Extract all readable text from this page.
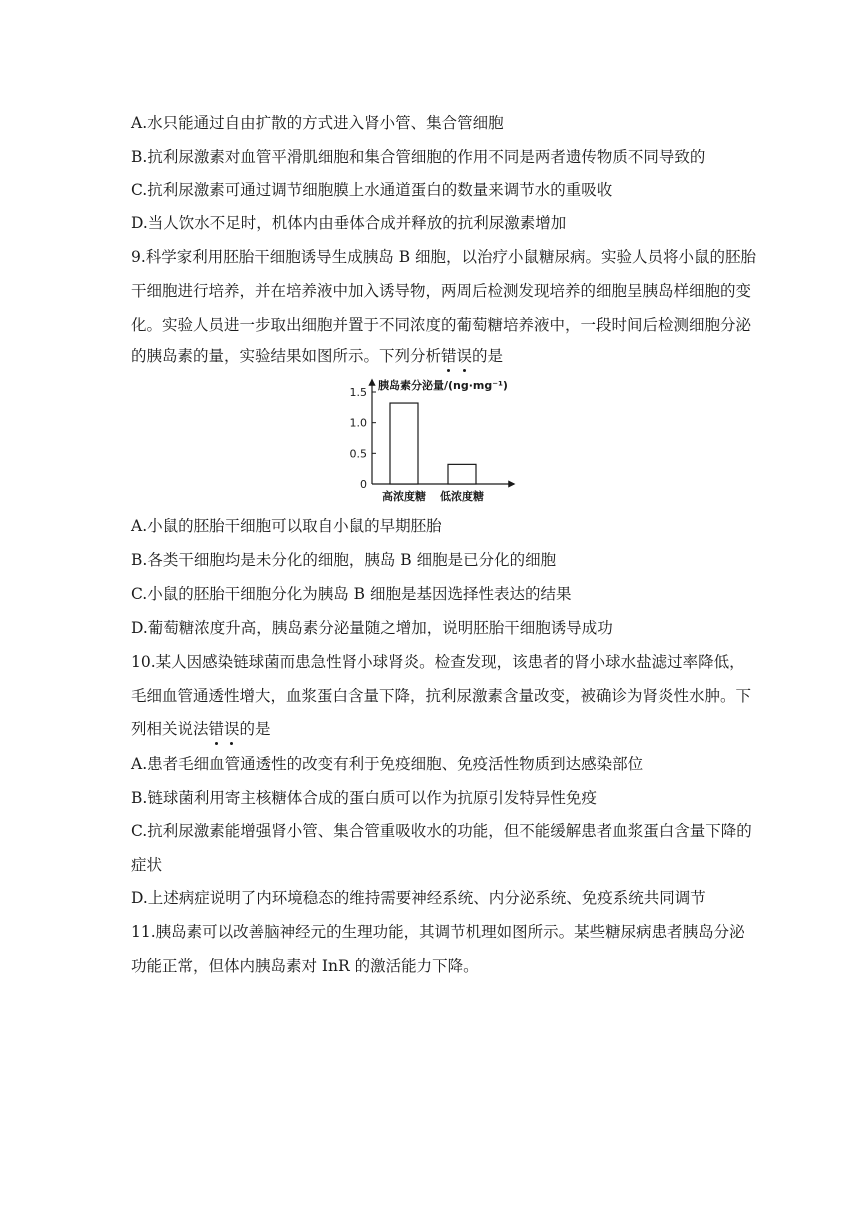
A.水只能通过自由扩散的方式进入肾小管、集合管细胞
B.抗利尿激素对血管平滑肌细胞和集合管细胞的作用不同是两者遗传物质不同导致的
C.抗利尿激素可通过调节细胞膜上水通道蛋白的数量来调节水的重吸收
D.当人饮水不足时，机体内由垂体合成并释放的抗利尿激素增加
9.科学家利用胚胎干细胞诱导生成胰岛 B 细胞，以治疗小鼠糖尿病。实验人员将小鼠的胚胎
干细胞进行培养，并在培养液中加入诱导物，两周后检测发现培养的细胞呈胰岛样细胞的变
化。实验人员进一步取出细胞并置于不同浓度的葡萄糖培养液中，一段时间后检测细胞分泌
的胰岛素的量，实验结果如图所示。下列分析错误的是
胰岛素分泌量/(ng·mg⁻¹)
0
0.5
1.0
1.5
高浓度糖 低浓度糖
A.小鼠的胚胎干细胞可以取自小鼠的早期胚胎
B.各类干细胞均是未分化的细胞，胰岛 B 细胞是已分化的细胞
C.小鼠的胚胎干细胞分化为胰岛 B 细胞是基因选择性表达的结果
D.葡萄糖浓度升高，胰岛素分泌量随之增加，说明胚胎干细胞诱导成功
10.某人因感染链球菌而患急性肾小球肾炎。检查发现，该患者的肾小球水盐滤过率降低，
毛细血管通透性增大，血浆蛋白含量下降，抗利尿激素含量改变，被确诊为肾炎性水肿。下
列相关说法错误的是
A.患者毛细血管通透性的改变有利于免疫细胞、免疫活性物质到达感染部位
B.链球菌利用寄主核糖体合成的蛋白质可以作为抗原引发特异性免疫
C.抗利尿激素能增强肾小管、集合管重吸收水的功能，但不能缓解患者血浆蛋白含量下降的
症状
D.上述病症说明了内环境稳态的维持需要神经系统、内分泌系统、免疫系统共同调节
11.胰岛素可以改善脑神经元的生理功能，其调节机理如图所示。某些糖尿病患者胰岛分泌
功能正常，但体内胰岛素对 InR 的激活能力下降。
